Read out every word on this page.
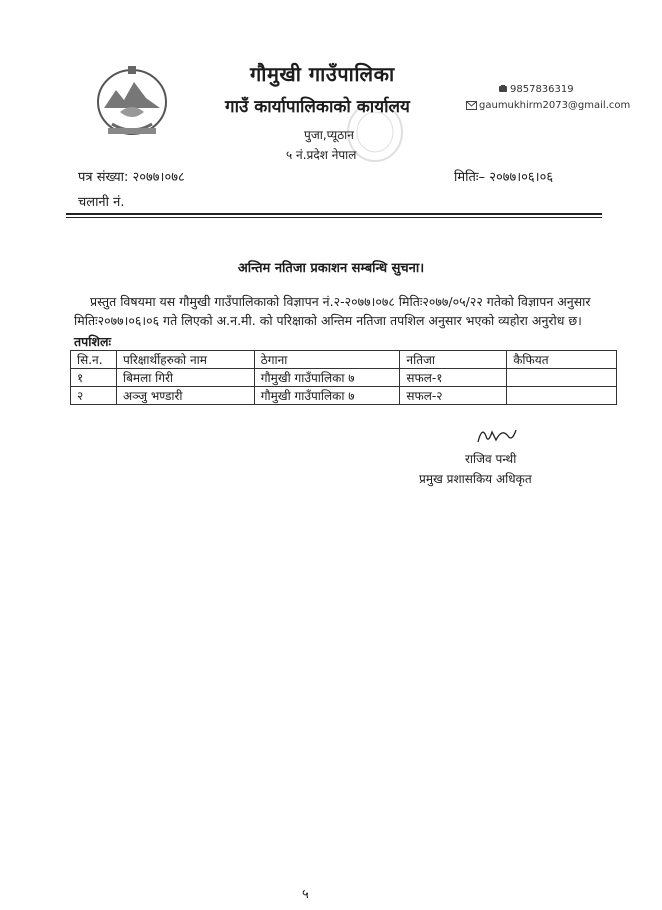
गौमुखी गाउँपालिका
गाउँ कार्यापालिकाको कार्यालय
पुजा,प्यूठान
५ नं.प्रदेश नेपाल
9857836319
gaumukhirm2073@gmail.com
पत्र संख्या: २०७७।०७८	मितिः– २०७७।०६।०६
चलानी नं.
अन्तिम नतिजा प्रकाशन सम्बन्धि सुचना।
प्रस्तुत विषयमा यस गौमुखी गाउँपालिकाको विज्ञापन नं.२-२०७७।०७८ मितिः२०७७/०५/२२ गतेको विज्ञापन अनुसार मितिः२०७७।०६।०६ गते लिएको अ.न.मी. को परिक्षाको अन्तिम नतिजा तपशिल अनुसार भएको व्यहोरा अनुरोध छ।
तपशिलः
सि.न.	परिक्षार्थीहरुको नाम	ठेगाना	नतिजा	कैफियत
१	बिमला गिरी	गौमुखी गाउँपालिका ७	सफल-१	
२	अञ्जु भण्डारी	गौमुखी गाउँपालिका ७	सफल-२	
राजिव पन्थी
प्रमुख प्रशासकिय अधिकृत
५
